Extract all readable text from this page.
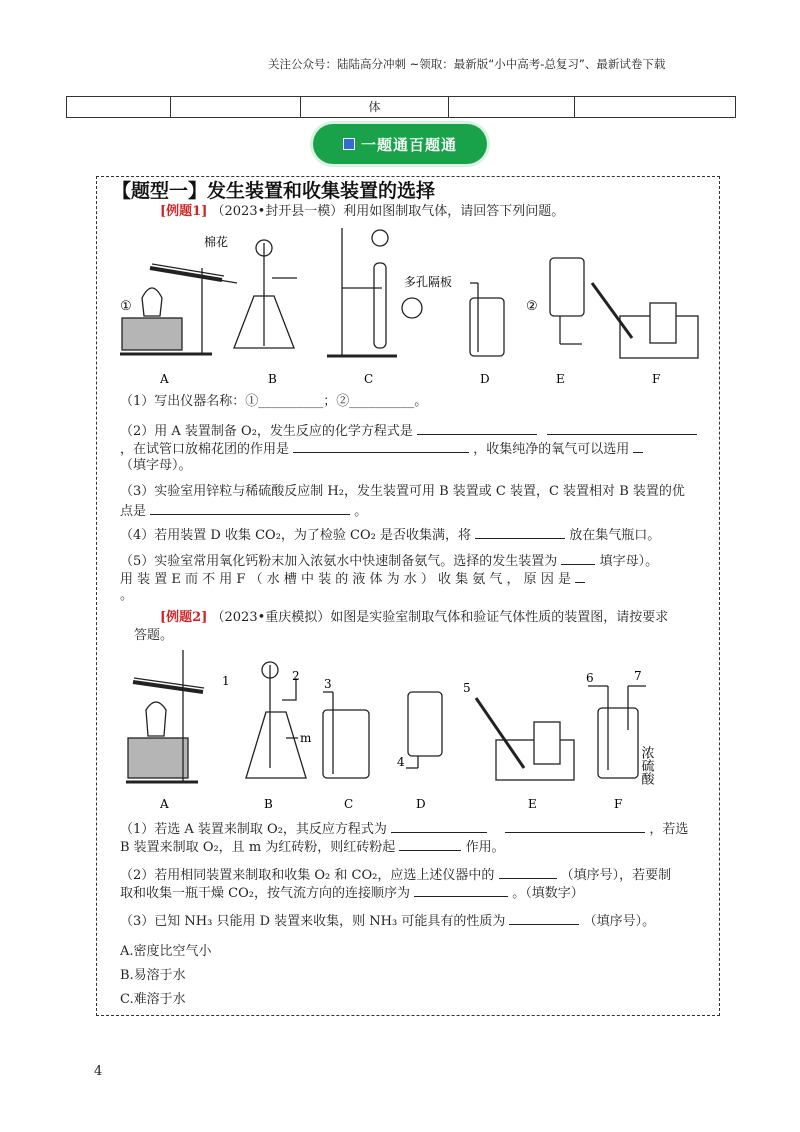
关注公众号：陆陆高分冲刺 ~领取：最新版“小中高考-总复习”、最新试卷下载
体
一题通百题通
【题型一】发生装置和收集装置的选择
[例题1] （2023•封开县一模）利用如图制取气体，请回答下列问题。
棉花
多孔隔板
①	②
A	B	C	D	E	F
（1）写出仪器名称：①__________；②__________。
（2）用 A 装置制备 O₂，发生反应的化学方程式是
，在试管口放棉花团的作用是	，收集纯净的氧气可以选用
（填字母）。
（3）实验室用锌粒与稀硫酸反应制 H₂，发生装置可用 B 装置或 C 装置，C 装置相对 B 装置的优
点是	。
（4）若用装置 D 收集 CO₂，为了检验 CO₂ 是否收集满，将	放在集气瓶口。
（5）实验室常用氧化钙粉末加入浓氨水中快速制备氨气。选择的发生装置为	填字母）。
用 装 置 E 而 不 用 F （ 水 槽 中 装 的 液 体 为 水 ） 收 集 氨 气 ， 原 因 是
。
[例题2] （2023•重庆模拟）如图是实验室制取气体和验证气体性质的装置图，请按要求
答题。
1	2
3
4
5
6	7
m
浓硫酸
A	B	C	D	E	F
（1）若选 A 装置来制取 O₂，其反应方程式为	，若选
B 装置来制取 O₂，且 m 为红砖粉，则红砖粉起	作用。
（2）若用相同装置来制取和收集 O₂ 和 CO₂，应选上述仪器中的	（填序号），若要制
取和收集一瓶干燥 CO₂，按气流方向的连接顺序为	。（填数字）
（3）已知 NH₃ 只能用 D 装置来收集，则 NH₃ 可能具有的性质为	（填序号）。
A.密度比空气小
B.易溶于水
C.难溶于水
4
